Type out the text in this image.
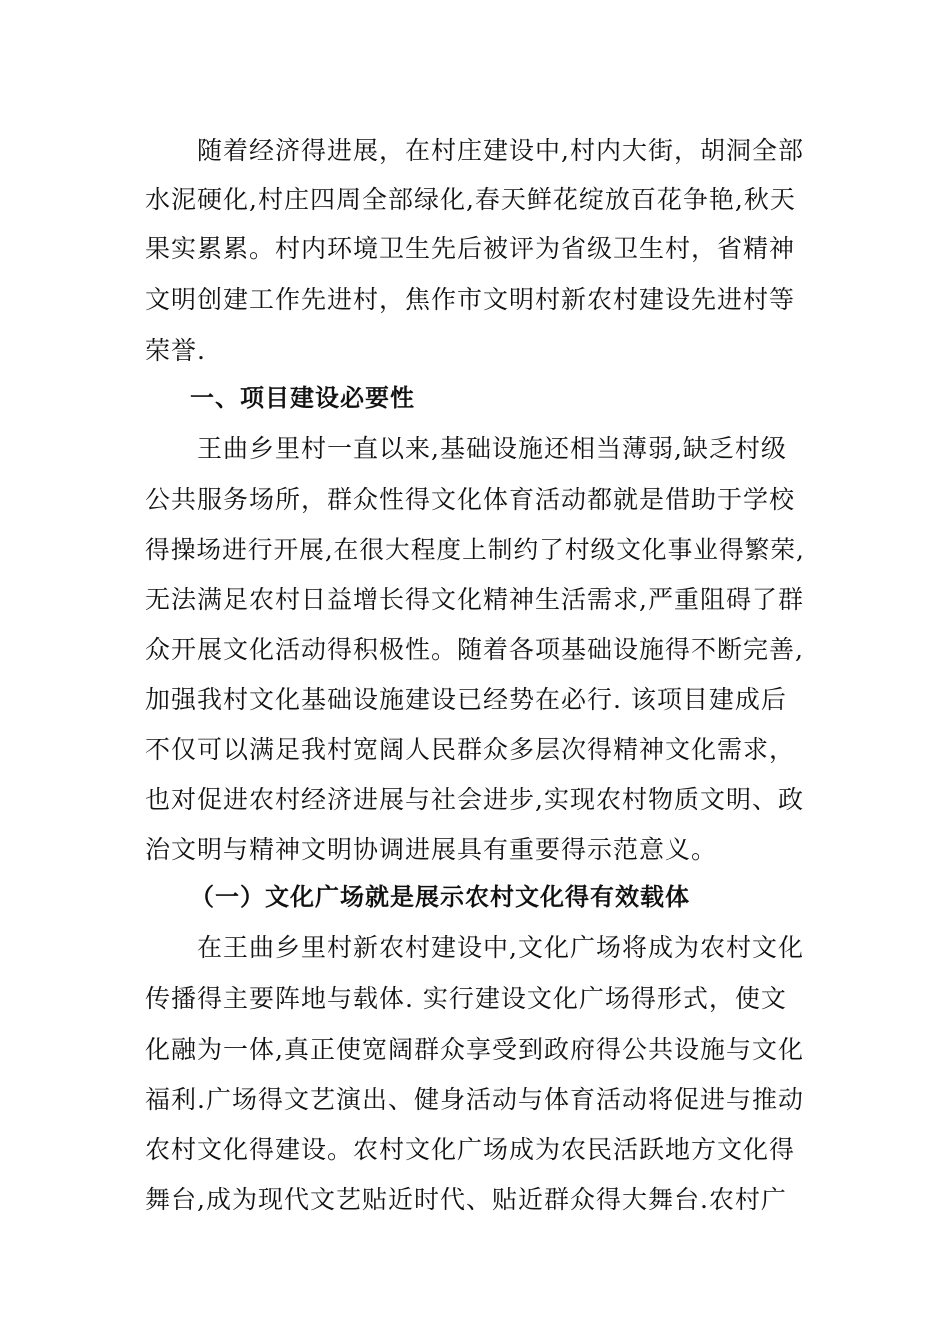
随着经济得进展，在村庄建设中,村内大街，胡洞全部
水泥硬化,村庄四周全部绿化,春天鲜花绽放百花争艳,秋天
果实累累。村内环境卫生先后被评为省级卫生村，省精神
文明创建工作先进村，焦作市文明村新农村建设先进村等
荣誉.
一、项目建设必要性
王曲乡里村一直以来,基础设施还相当薄弱,缺乏村级
公共服务场所，群众性得文化体育活动都就是借助于学校
得操场进行开展,在很大程度上制约了村级文化事业得繁荣,
无法满足农村日益增长得文化精神生活需求,严重阻碍了群
众开展文化活动得积极性。随着各项基础设施得不断完善,
加强我村文化基础设施建设已经势在必行. 该项目建成后
不仅可以满足我村宽阔人民群众多层次得精神文化需求，
也对促进农村经济进展与社会进步,实现农村物质文明、政
治文明与精神文明协调进展具有重要得示范意义。
（一）文化广场就是展示农村文化得有效载体
在王曲乡里村新农村建设中,文化广场将成为农村文化
传播得主要阵地与载体. 实行建设文化广场得形式，使文
化融为一体,真正使宽阔群众享受到政府得公共设施与文化
福利.广场得文艺演出、健身活动与体育活动将促进与推动
农村文化得建设。农村文化广场成为农民活跃地方文化得
舞台,成为现代文艺贴近时代、贴近群众得大舞台.农村广
